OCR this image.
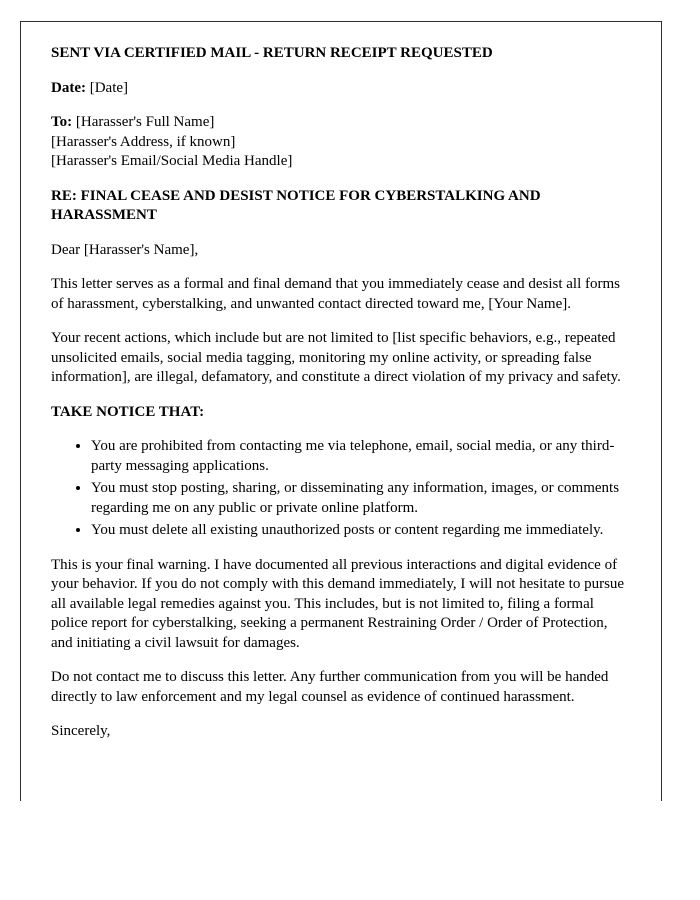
SENT VIA CERTIFIED MAIL - RETURN RECEIPT REQUESTED

Date: [Date]

To: [Harasser's Full Name]

[Harasser's Address, if known]

[Harasser's Email/Social Media Handle]

RE: FINAL CEASE AND DESIST NOTICE FOR CYBERSTALKING AND HARASSMENT

Dear [Harasser's Name],

This letter serves as a formal and final demand that you immediately cease and desist all forms of harassment, cyberstalking, and unwanted contact directed toward me, [Your Name].

Your recent actions, which include but are not limited to [list specific behaviors, e.g., repeated unsolicited emails, social media tagging, monitoring my online activity, or spreading false information], are illegal, defamatory, and constitute a direct violation of my privacy and safety.

TAKE NOTICE THAT:

• You are prohibited from contacting me via telephone, email, social media, or any third-party messaging applications.
• You must stop posting, sharing, or disseminating any information, images, or comments regarding me on any public or private online platform.
• You must delete all existing unauthorized posts or content regarding me immediately.

This is your final warning. I have documented all previous interactions and digital evidence of your behavior. If you do not comply with this demand immediately, I will not hesitate to pursue all available legal remedies against you. This includes, but is not limited to, filing a formal police report for cyberstalking, seeking a permanent Restraining Order / Order of Protection, and initiating a civil lawsuit for damages.

Do not contact me to discuss this letter. Any further communication from you will be handed directly to law enforcement and my legal counsel as evidence of continued harassment.

Sincerely,
